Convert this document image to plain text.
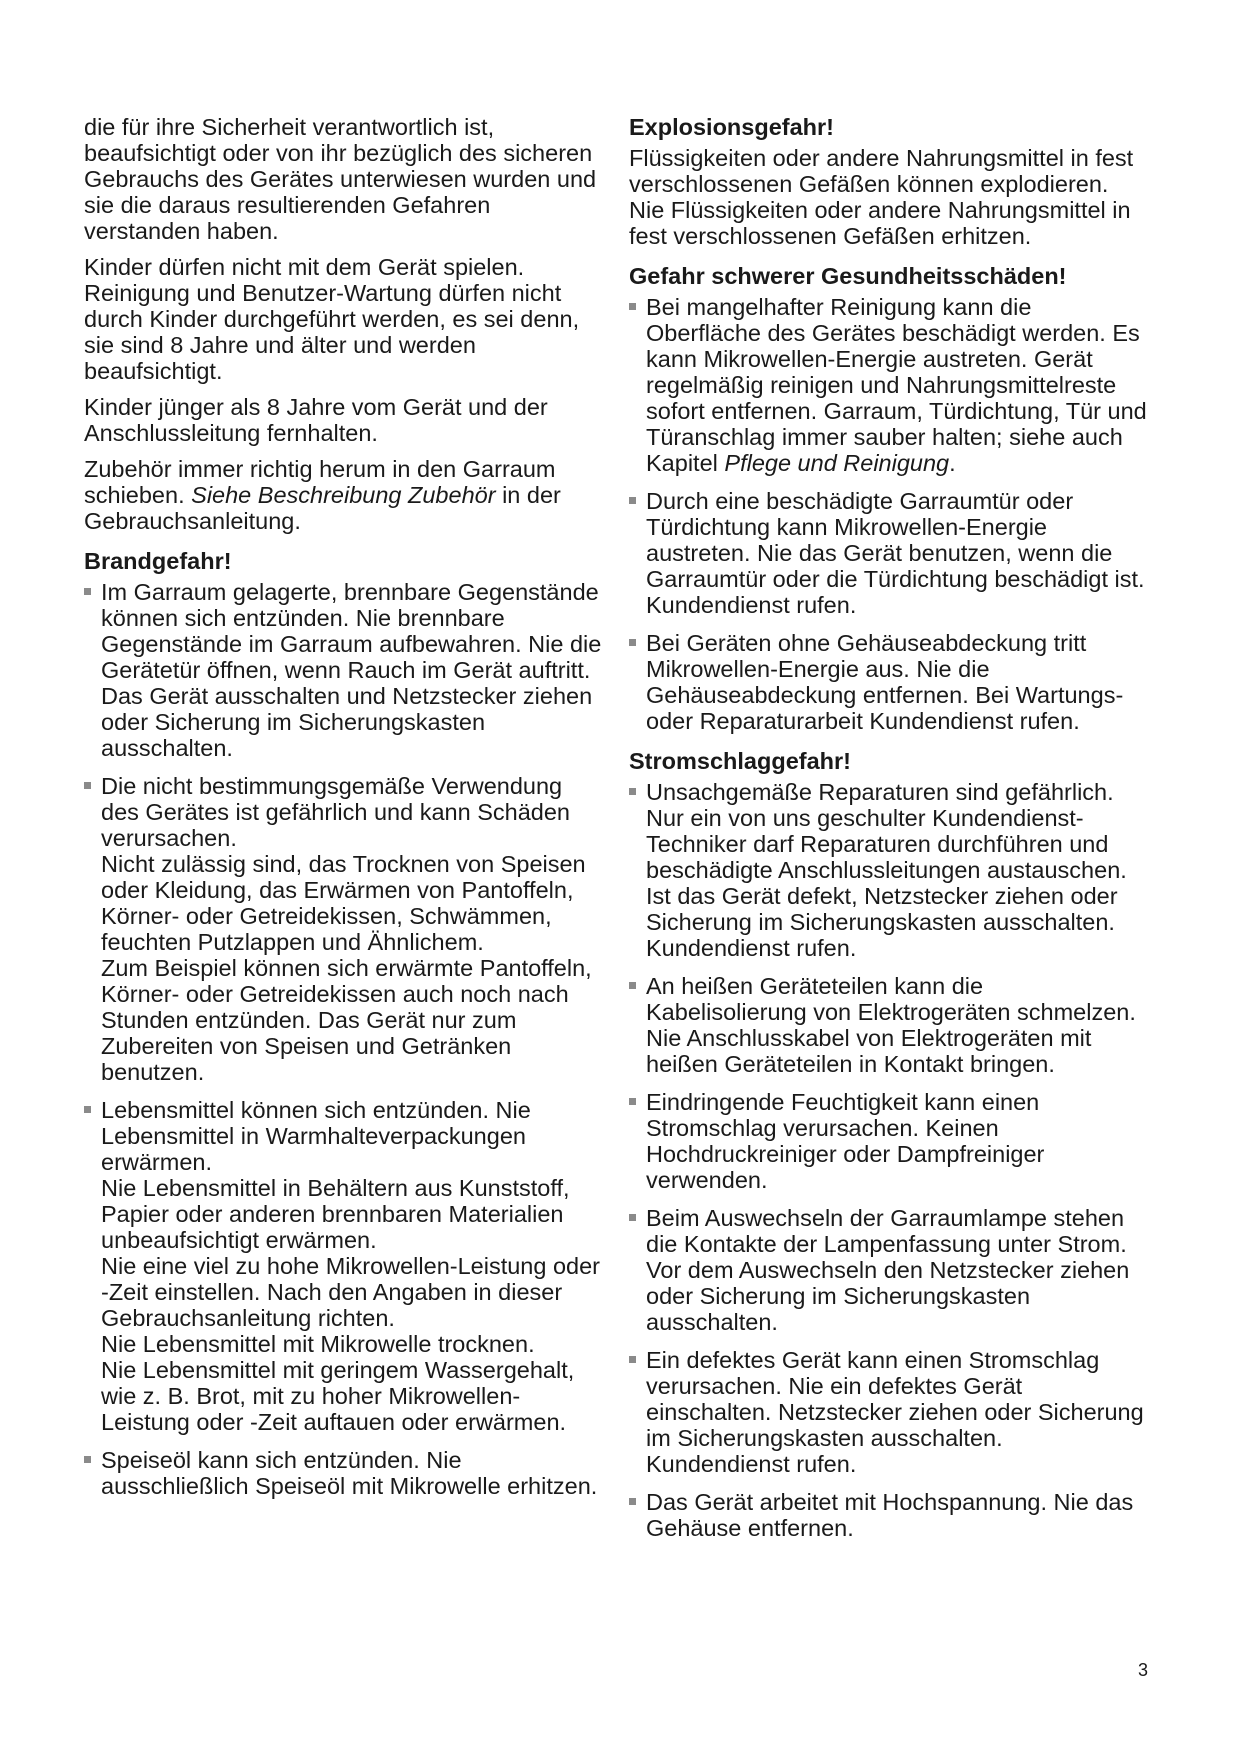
die für ihre Sicherheit verantwortlich ist, beaufsichtigt oder von ihr bezüglich des sicheren Gebrauchs des Gerätes unterwiesen wurden und sie die daraus resultierenden Gefahren verstanden haben.

Kinder dürfen nicht mit dem Gerät spielen. Reinigung und Benutzer-Wartung dürfen nicht durch Kinder durchgeführt werden, es sei denn, sie sind 8 Jahre und älter und werden beaufsichtigt.

Kinder jünger als 8 Jahre vom Gerät und der Anschlussleitung fernhalten.

Zubehör immer richtig herum in den Garraum schieben. Siehe Beschreibung Zubehör in der Gebrauchsanleitung.

Brandgefahr!
Im Garraum gelagerte, brennbare Gegenstände können sich entzünden. Nie brennbare Gegenstände im Garraum aufbewahren. Nie die Gerätetür öffnen, wenn Rauch im Gerät auftritt. Das Gerät ausschalten und Netzstecker ziehen oder Sicherung im Sicherungskasten ausschalten.
Die nicht bestimmungsgemäße Verwendung des Gerätes ist gefährlich und kann Schäden verursachen.
Nicht zulässig sind, das Trocknen von Speisen oder Kleidung, das Erwärmen von Pantoffeln, Körner- oder Getreidekissen, Schwämmen, feuchten Putzlappen und Ähnlichem.
Zum Beispiel können sich erwärmte Pantoffeln, Körner- oder Getreidekissen auch noch nach Stunden entzünden. Das Gerät nur zum Zubereiten von Speisen und Getränken benutzen.
Lebensmittel können sich entzünden. Nie Lebensmittel in Warmhalteverpackungen erwärmen.
Nie Lebensmittel in Behältern aus Kunststoff, Papier oder anderen brennbaren Materialien unbeaufsichtigt erwärmen.
Nie eine viel zu hohe Mikrowellen-Leistung oder -Zeit einstellen. Nach den Angaben in dieser Gebrauchsanleitung richten.
Nie Lebensmittel mit Mikrowelle trocknen.
Nie Lebensmittel mit geringem Wassergehalt, wie z. B. Brot, mit zu hoher Mikrowellen-Leistung oder -Zeit auftauen oder erwärmen.
Speiseöl kann sich entzünden. Nie ausschließlich Speiseöl mit Mikrowelle erhitzen.
Explosionsgefahr!

Flüssigkeiten oder andere Nahrungsmittel in fest verschlossenen Gefäßen können explodieren. Nie Flüssigkeiten oder andere Nahrungsmittel in fest verschlossenen Gefäßen erhitzen.

Gefahr schwerer Gesundheitsschäden!
Bei mangelhafter Reinigung kann die Oberfläche des Gerätes beschädigt werden. Es kann Mikrowellen-Energie austreten. Gerät regelmäßig reinigen und Nahrungsmittelreste sofort entfernen. Garraum, Türdichtung, Tür und Türanschlag immer sauber halten; siehe auch Kapitel Pflege und Reinigung.
Durch eine beschädigte Garraumtür oder Türdichtung kann Mikrowellen-Energie austreten. Nie das Gerät benutzen, wenn die Garraumtür oder die Türdichtung beschädigt ist. Kundendienst rufen.
Bei Geräten ohne Gehäuseabdeckung tritt Mikrowellen-Energie aus. Nie die Gehäuseabdeckung entfernen. Bei Wartungs- oder Reparaturarbeit Kundendienst rufen.
Stromschlaggefahr!
Unsachgemäße Reparaturen sind gefährlich. Nur ein von uns geschulter Kundendienst-Techniker darf Reparaturen durchführen und beschädigte Anschlussleitungen austauschen. Ist das Gerät defekt, Netzstecker ziehen oder Sicherung im Sicherungskasten ausschalten. Kundendienst rufen.
An heißen Geräteteilen kann die Kabelisolierung von Elektrogeräten schmelzen. Nie Anschlusskabel von Elektrogeräten mit heißen Geräteteilen in Kontakt bringen.
Eindringende Feuchtigkeit kann einen Stromschlag verursachen. Keinen Hochdruckreiniger oder Dampfreiniger verwenden.
Beim Auswechseln der Garraumlampe stehen die Kontakte der Lampenfassung unter Strom. Vor dem Auswechseln den Netzstecker ziehen oder Sicherung im Sicherungskasten ausschalten.
Ein defektes Gerät kann einen Stromschlag verursachen. Nie ein defektes Gerät einschalten. Netzstecker ziehen oder Sicherung im Sicherungskasten ausschalten. Kundendienst rufen.
Das Gerät arbeitet mit Hochspannung. Nie das Gehäuse entfernen.
3
